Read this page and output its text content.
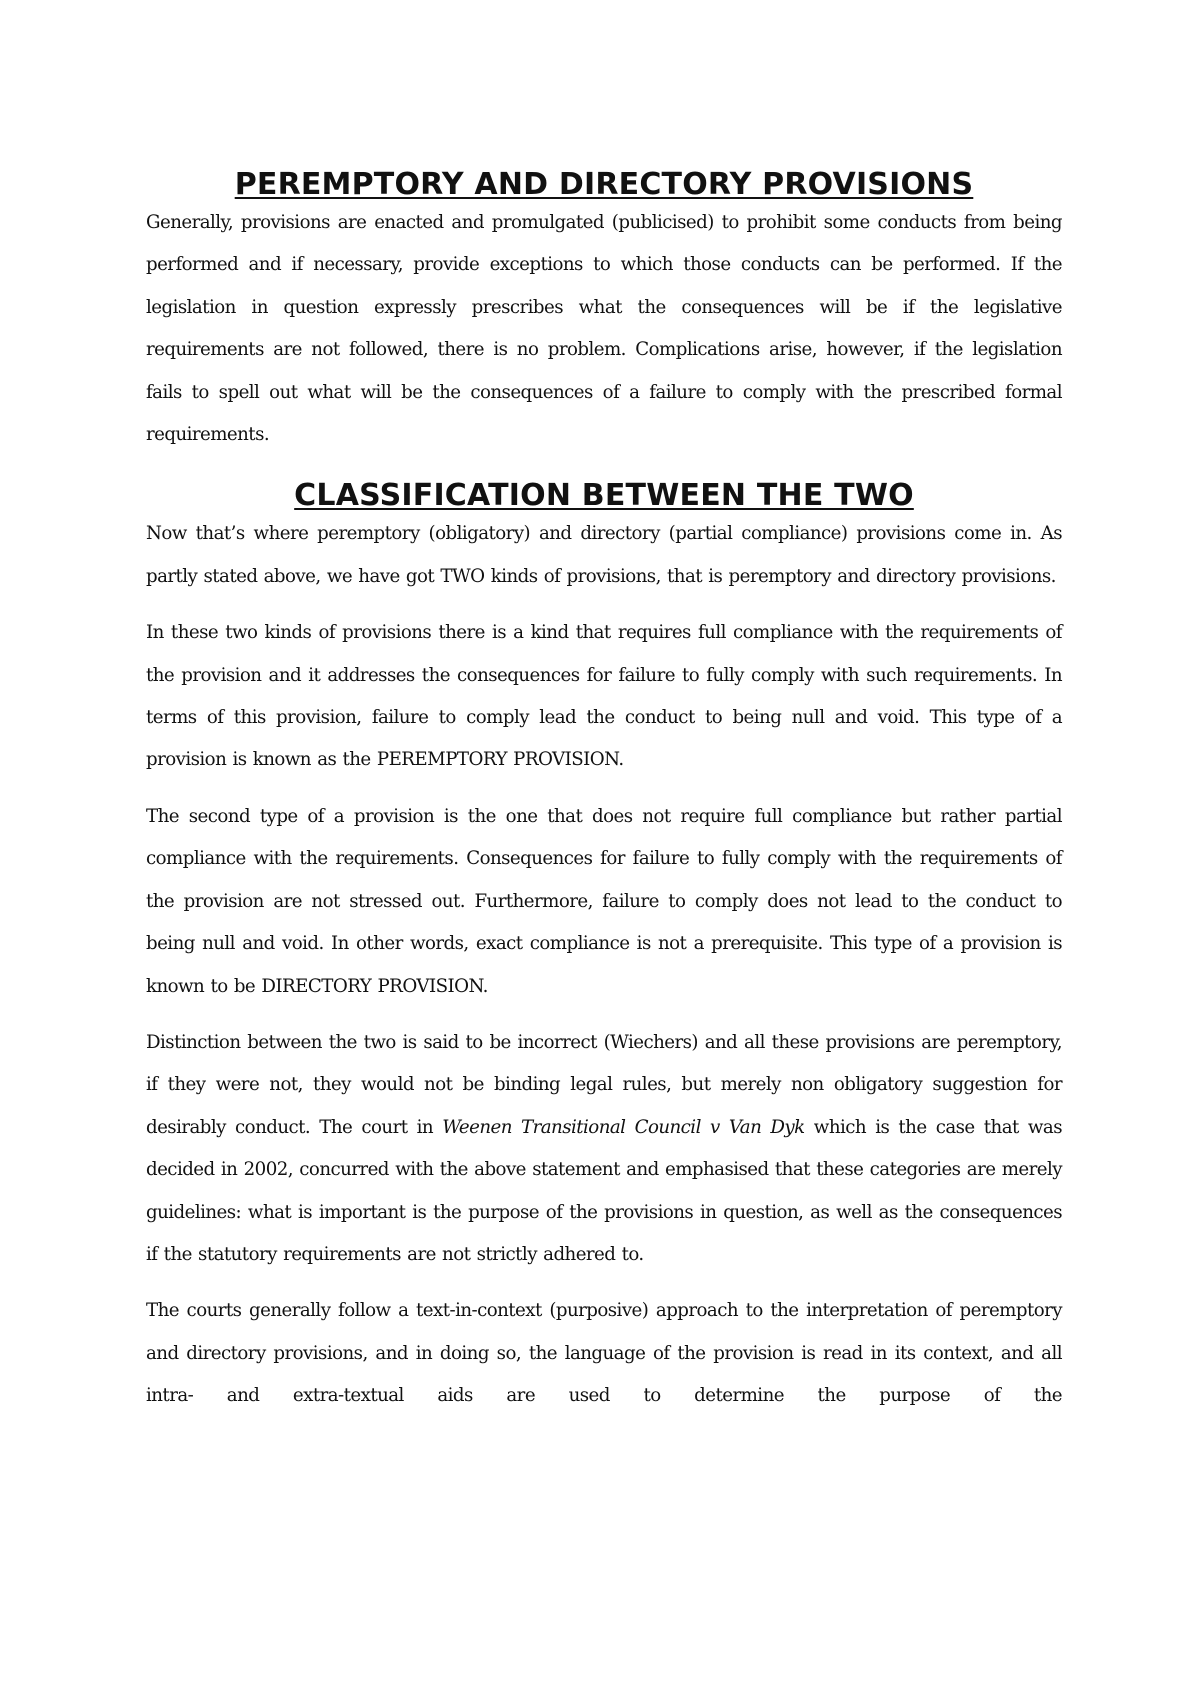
PEREMPTORY AND DIRECTORY PROVISIONS

Generally, provisions are enacted and promulgated (publicised) to prohibit some conducts from being performed and if necessary, provide exceptions to which those conducts can be performed. If the legislation in question expressly prescribes what the consequences will be if the legislative requirements are not followed, there is no problem. Complications arise, however, if the legislation fails to spell out what will be the consequences of a failure to comply with the prescribed formal requirements.

CLASSIFICATION BETWEEN THE TWO

Now that’s where peremptory (obligatory) and directory (partial compliance) provisions come in. As partly stated above, we have got TWO kinds of provisions, that is peremptory and directory provisions.

In these two kinds of provisions there is a kind that requires full compliance with the requirements of the provision and it addresses the consequences for failure to fully comply with such requirements. In terms of this provision, failure to comply lead the conduct to being null and void. This type of a provision is known as the PEREMPTORY PROVISION.

The second type of a provision is the one that does not require full compliance but rather partial compliance with the requirements. Consequences for failure to fully comply with the requirements of the provision are not stressed out. Furthermore, failure to comply does not lead to the conduct to being null and void. In other words, exact compliance is not a prerequisite. This type of a provision is known to be DIRECTORY PROVISION.

Distinction between the two is said to be incorrect (Wiechers) and all these provisions are peremptory, if they were not, they would not be binding legal rules, but merely non obligatory suggestion for desirably conduct. The court in Weenen Transitional Council v Van Dyk which is the case that was decided in 2002, concurred with the above statement and emphasised that these categories are merely guidelines: what is important is the purpose of the provisions in question, as well as the consequences if the statutory requirements are not strictly adhered to.

The courts generally follow a text-in-context (purposive) approach to the interpretation of peremptory and directory provisions, and in doing so, the language of the provision is read in its context, and all intra- and extra-textual aids are used to determine the purpose of the
